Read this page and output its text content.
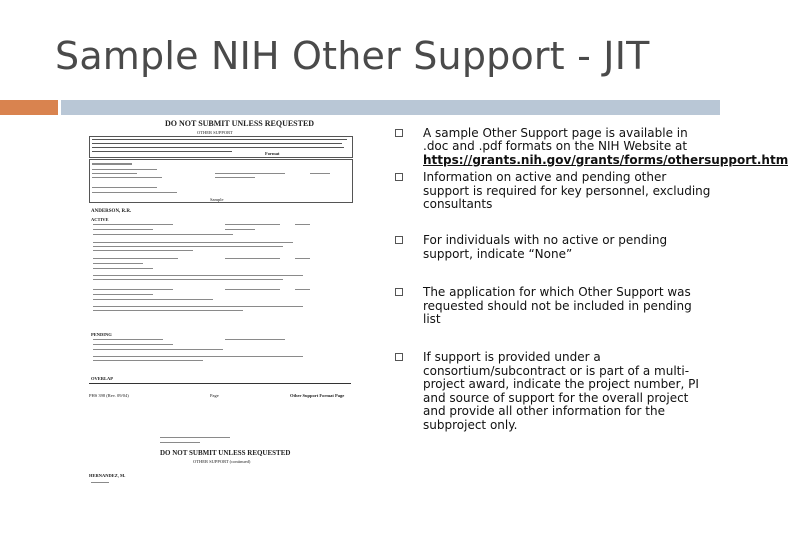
Sample NIH Other Support - JIT
DO NOT SUBMIT UNLESS REQUESTED
OTHER SUPPORT
Format
Sample
ANDERSON, R.R.
ACTIVE
PENDING
OVERLAP
PHS 398 (Rev. 09/04)	Page	Other Support Format Page
DO NOT SUBMIT UNLESS REQUESTED
OTHER SUPPORT (continued)
HERNANDEZ, M.
A sample Other Support page is available in .doc and .pdf formats on the NIH Website at https://grants.nih.gov/grants/forms/othersupport.htm
Information on active and pending other support is required for key personnel, excluding consultants
For individuals with no active or pending support, indicate “None”
The application for which Other Support was requested should not be included in pending list
If support is provided under a consortium/subcontract or is part of a multi-project award, indicate the project number, PI and source of support for the overall project and provide all other information for the subproject only.
